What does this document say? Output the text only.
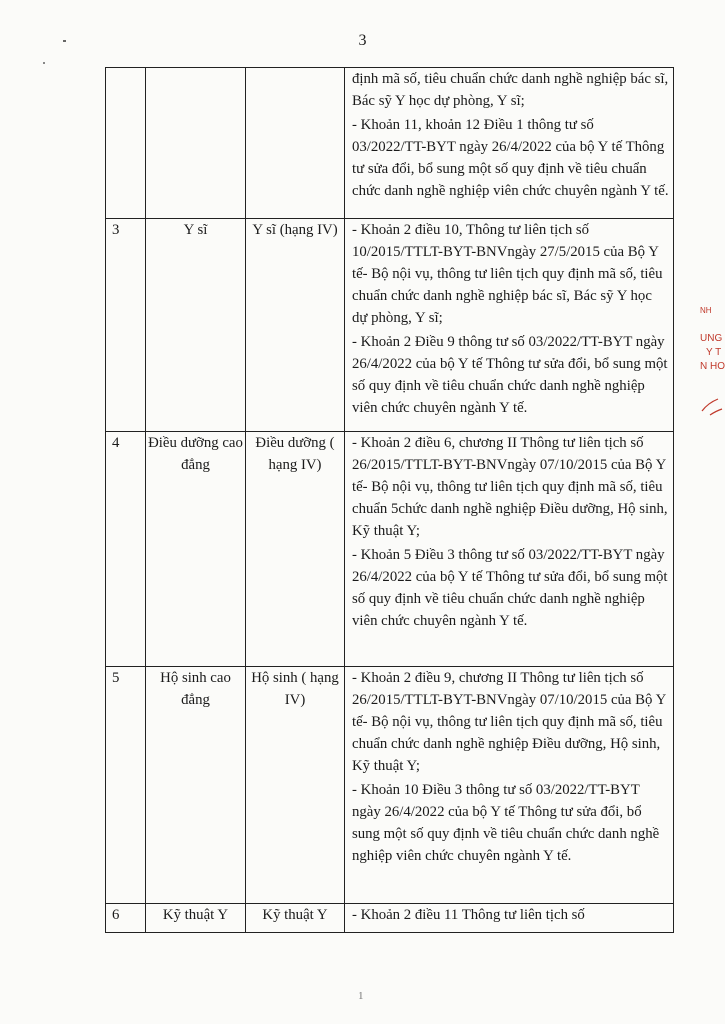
3

			định mã số, tiêu chuẩn chức danh nghề nghiệp bác sĩ, Bác sỹ Y học dự phòng, Y sĩ;

- Khoản 11, khoản 12 Điều 1 thông tư số 03/2022/TT-BYT ngày 26/4/2022 của bộ Y tế Thông tư sửa đổi, bổ sung một số quy định về tiêu chuẩn chức danh nghề nghiệp viên chức chuyên ngành Y tế.

3	Y sĩ	Y sĩ (hạng IV)	- Khoản 2 điều 10, Thông tư liên tịch số 10/2015/TTLT-BYT-BNVngày 27/5/2015 của Bộ Y tế- Bộ nội vụ, thông tư liên tịch quy định mã số, tiêu chuẩn chức danh nghề nghiệp bác sĩ, Bác sỹ Y học dự phòng, Y sĩ;

- Khoản 2 Điều 9 thông tư số 03/2022/TT-BYT ngày 26/4/2022 của bộ Y tế Thông tư sửa đổi, bổ sung một số quy định về tiêu chuẩn chức danh nghề nghiệp viên chức chuyên ngành Y tế.

4	Điều dưỡng cao đẳng	Điều dưỡng ( hạng IV)	- Khoản 2 điều 6, chương II Thông tư liên tịch số 26/2015/TTLT-BYT-BNVngày 07/10/2015 của Bộ Y tế- Bộ nội vụ, thông tư liên tịch quy định mã số, tiêu chuẩn 5chức danh nghề nghiệp Điều dưỡng, Hộ sinh, Kỹ thuật Y;

- Khoản 5 Điều 3 thông tư số 03/2022/TT-BYT ngày 26/4/2022 của bộ Y tế Thông tư sửa đổi, bổ sung một số quy định về tiêu chuẩn chức danh nghề nghiệp viên chức chuyên ngành Y tế.

5	Hộ sinh cao đẳng	Hộ sinh ( hạng IV)	- Khoản 2 điều 9, chương II Thông tư liên tịch số 26/2015/TTLT-BYT-BNVngày 07/10/2015 của Bộ Y tế- Bộ nội vụ, thông tư liên tịch quy định mã số, tiêu chuẩn chức danh nghề nghiệp Điều dưỡng, Hộ sinh, Kỹ thuật Y;

- Khoản 10 Điều 3 thông tư số 03/2022/TT-BYT ngày 26/4/2022 của bộ Y tế Thông tư sửa đổi, bổ sung một số quy định về tiêu chuẩn chức danh nghề nghiệp viên chức chuyên ngành Y tế.

6	Kỹ thuật Y	Kỹ thuật Y	- Khoản 2 điều 11 Thông tư liên tịch số

NH
UNG
Y T
N HO
1
